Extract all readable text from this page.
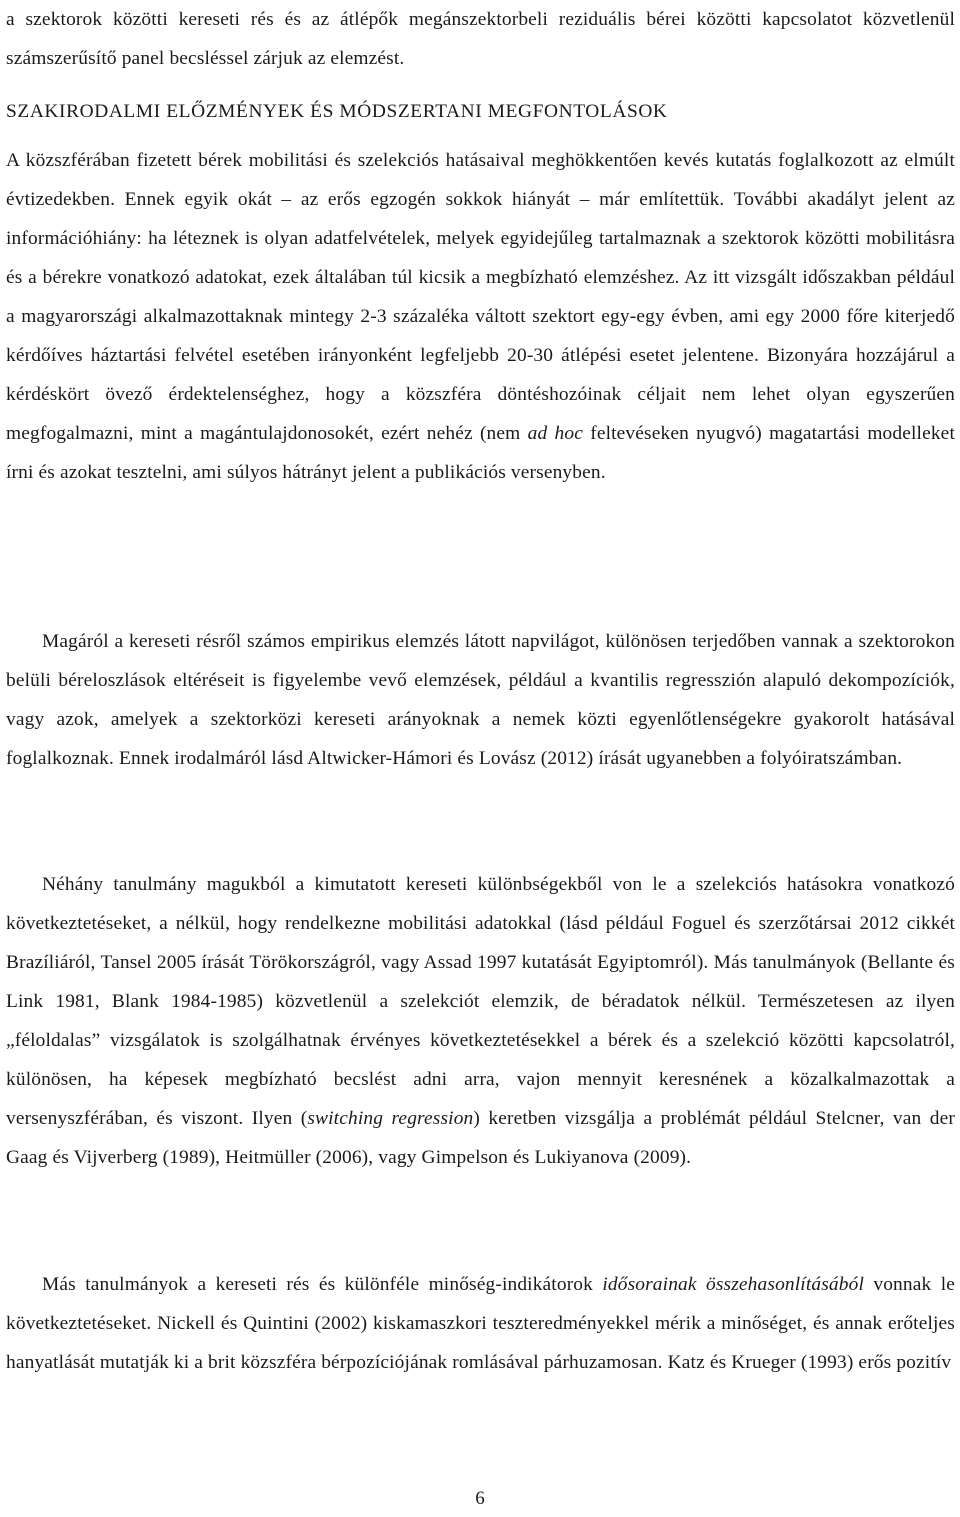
a szektorok közötti kereseti rés és az átlépők megánszektorbeli reziduális bérei közötti kapcsolatot közvetlenül számszerűsítő panel becsléssel zárjuk az elemzést.

SZAKIRODALMI ELŐZMÉNYEK ÉS MÓDSZERTANI MEGFONTOLÁSOK

A közszférában fizetett bérek mobilitási és szelekciós hatásaival meghökkentően kevés kutatás foglalkozott az elmúlt évtizedekben. Ennek egyik okát – az erős egzogén sokkok hiányát – már említettük. További akadályt jelent az információhiány: ha léteznek is olyan adatfelvételek, melyek egyidejűleg tartalmaznak a szektorok közötti mobilitásra és a bérekre vonatkozó adatokat, ezek általában túl kicsik a megbízható elemzéshez. Az itt vizsgált időszakban például a magyarországi alkalmazottaknak mintegy 2-3 százaléka váltott szektort egy-egy évben, ami egy 2000 főre kiterjedő kérdőíves háztartási felvétel esetében irányonként legfeljebb 20-30 átlépési esetet jelentene. Bizonyára hozzájárul a kérdéskört övező érdektelenséghez, hogy a közszféra döntéshozóinak céljait nem lehet olyan egyszerűen megfogalmazni, mint a magántulajdonosokét, ezért nehéz (nem ad hoc feltevéseken nyugvó) magatartási modelleket írni és azokat tesztelni, ami súlyos hátrányt jelent a publikációs versenyben.

Magáról a kereseti résről számos empirikus elemzés látott napvilágot, különösen terjedőben vannak a szektorokon belüli béreloszlások eltéréseit is figyelembe vevő elemzések, például a kvantilis regresszión alapuló dekompozíciók, vagy azok, amelyek a szektorközi kereseti arányoknak a nemek közti egyenlőtlenségekre gyakorolt hatásával foglalkoznak. Ennek irodalmáról lásd Altwicker-Hámori és Lovász (2012) írását ugyanebben a folyóiratszámban.

Néhány tanulmány magukból a kimutatott kereseti különbségekből von le a szelekciós hatásokra vonatkozó következtetéseket, a nélkül, hogy rendelkezne mobilitási adatokkal (lásd például Foguel és szerzőtársai 2012 cikkét Brazíliáról, Tansel 2005 írását Törökországról, vagy Assad 1997 kutatását Egyiptomról). Más tanulmányok (Bellante és Link 1981, Blank 1984-1985) közvetlenül a szelekciót elemzik, de béradatok nélkül. Természetesen az ilyen „féloldalas” vizsgálatok is szolgálhatnak érvényes következtetésekkel a bérek és a szelekció közötti kapcsolatról, különösen, ha képesek megbízható becslést adni arra, vajon mennyit keresnének a közalkalmazottak a versenyszférában, és viszont. Ilyen (switching regression) keretben vizsgálja a problémát például Stelcner, van der Gaag és Vijverberg (1989), Heitmüller (2006), vagy Gimpelson és Lukiyanova (2009).

Más tanulmányok a kereseti rés és különféle minőség-indikátorok idősorainak összehasonlításából vonnak le következtetéseket. Nickell és Quintini (2002) kiskamaszkori teszteredményekkel mérik a minőséget, és annak erőteljes hanyatlását mutatják ki a brit közszféra bérpozíciójának romlásával párhuzamosan. Katz és Krueger (1993) erős pozitív

6
